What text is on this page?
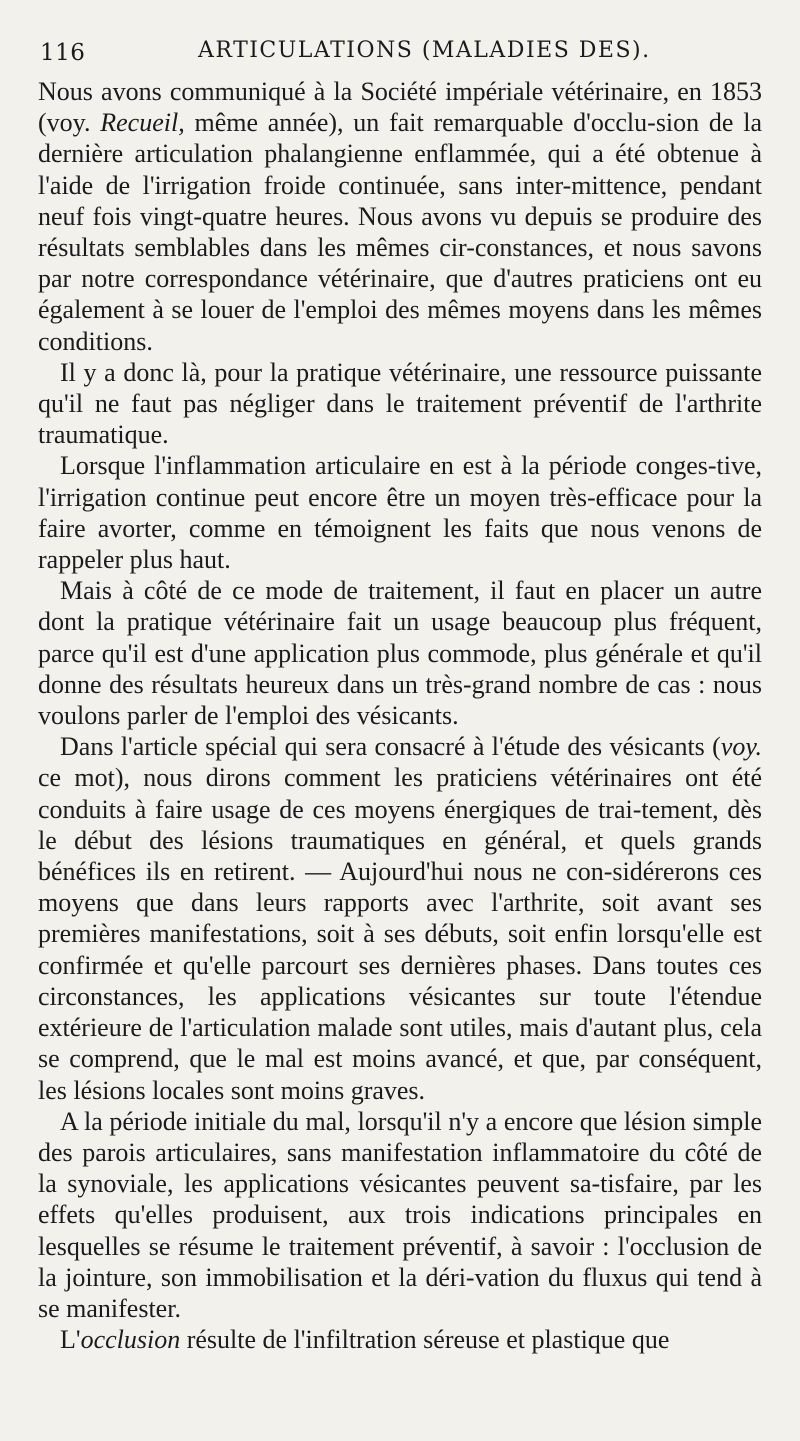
116	ARTICULATIONS (MALADIES DES).

Nous avons communiqué à la Société impériale vétérinaire, en 1853 (voy. Recueil, même année), un fait remarquable d'occlu-sion de la dernière articulation phalangienne enflammée, qui a été obtenue à l'aide de l'irrigation froide continuée, sans inter-mittence, pendant neuf fois vingt-quatre heures. Nous avons vu depuis se produire des résultats semblables dans les mêmes cir-constances, et nous savons par notre correspondance vétérinaire, que d'autres praticiens ont eu également à se louer de l'emploi des mêmes moyens dans les mêmes conditions.

Il y a donc là, pour la pratique vétérinaire, une ressource puissante qu'il ne faut pas négliger dans le traitement préventif de l'arthrite traumatique.

Lorsque l'inflammation articulaire en est à la période conges-tive, l'irrigation continue peut encore être un moyen très-efficace pour la faire avorter, comme en témoignent les faits que nous venons de rappeler plus haut.

Mais à côté de ce mode de traitement, il faut en placer un autre dont la pratique vétérinaire fait un usage beaucoup plus fréquent, parce qu'il est d'une application plus commode, plus générale et qu'il donne des résultats heureux dans un très-grand nombre de cas : nous voulons parler de l'emploi des vésicants.

Dans l'article spécial qui sera consacré à l'étude des vésicants (voy. ce mot), nous dirons comment les praticiens vétérinaires ont été conduits à faire usage de ces moyens énergiques de trai-tement, dès le début des lésions traumatiques en général, et quels grands bénéfices ils en retirent. — Aujourd'hui nous ne con-sidérerons ces moyens que dans leurs rapports avec l'arthrite, soit avant ses premières manifestations, soit à ses débuts, soit enfin lorsqu'elle est confirmée et qu'elle parcourt ses dernières phases. Dans toutes ces circonstances, les applications vésicantes sur toute l'étendue extérieure de l'articulation malade sont utiles, mais d'autant plus, cela se comprend, que le mal est moins avancé, et que, par conséquent, les lésions locales sont moins graves.

A la période initiale du mal, lorsqu'il n'y a encore que lésion simple des parois articulaires, sans manifestation inflammatoire du côté de la synoviale, les applications vésicantes peuvent sa-tisfaire, par les effets qu'elles produisent, aux trois indications principales en lesquelles se résume le traitement préventif, à savoir : l'occlusion de la jointure, son immobilisation et la déri-vation du fluxus qui tend à se manifester.

L'occlusion résulte de l'infiltration séreuse et plastique que
